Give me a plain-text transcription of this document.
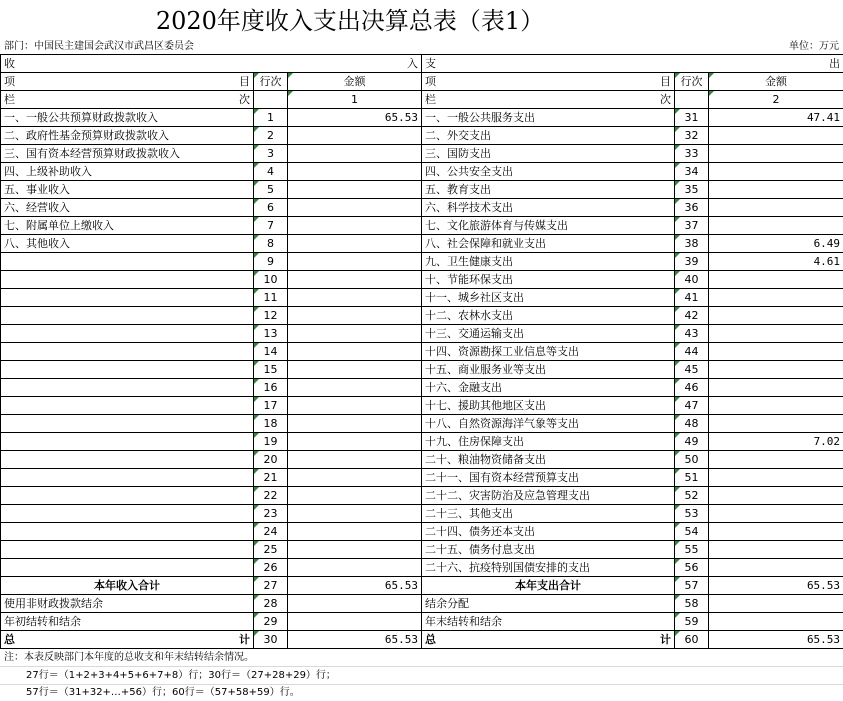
2020年度收入支出决算总表（表1）
部门：中国民主建国会武汉市武昌区委员会	单位：万元
收 入			支 出		

项 目	行次	金额	项 目	行次	金额

栏 次		1	栏 次		2
一、一般公共预算财政拨款收入	1	65.53	一、一般公共服务支出	31	47.41
二、政府性基金预算财政拨款收入	2		二、外交支出	32	
三、国有资本经营预算财政拨款收入	3		三、国防支出	33	
四、上级补助收入	4		四、公共安全支出	34	
五、事业收入	5		五、教育支出	35	
六、经营收入	6		六、科学技术支出	36	
七、附属单位上缴收入	7		七、文化旅游体育与传媒支出	37	
八、其他收入	8		八、社会保障和就业支出	38	6.49
	9		九、卫生健康支出	39	4.61
	10		十、节能环保支出	40	
	11		十一、城乡社区支出	41	
	12		十二、农林水支出	42	
	13		十三、交通运输支出	43	
	14		十四、资源勘探工业信息等支出	44	
	15		十五、商业服务业等支出	45	
	16		十六、金融支出	46	
	17		十七、援助其他地区支出	47	
	18		十八、自然资源海洋气象等支出	48	
	19		十九、住房保障支出	49	7.02
	20		二十、粮油物资储备支出	50	
	21		二十一、国有资本经营预算支出	51	
	22		二十二、灾害防治及应急管理支出	52	
	23		二十三、其他支出	53	
	24		二十四、债务还本支出	54	
	25		二十五、债务付息支出	55	
	26		二十六、抗疫特别国债安排的支出	56	
本年收入合计	27	65.53	本年支出合计	57	65.53
使用非财政拨款结余	28		结余分配	58	
年初结转和结余	29		年末结转和结余	59	

总 计	30	65.53	总 计	60	65.53
注：本表反映部门本年度的总收支和年末结转结余情况。
27行＝（1+2+3+4+5+6+7+8）行；30行＝（27+28+29）行；
57行＝（31+32+…+56）行；60行＝（57+58+59）行。
